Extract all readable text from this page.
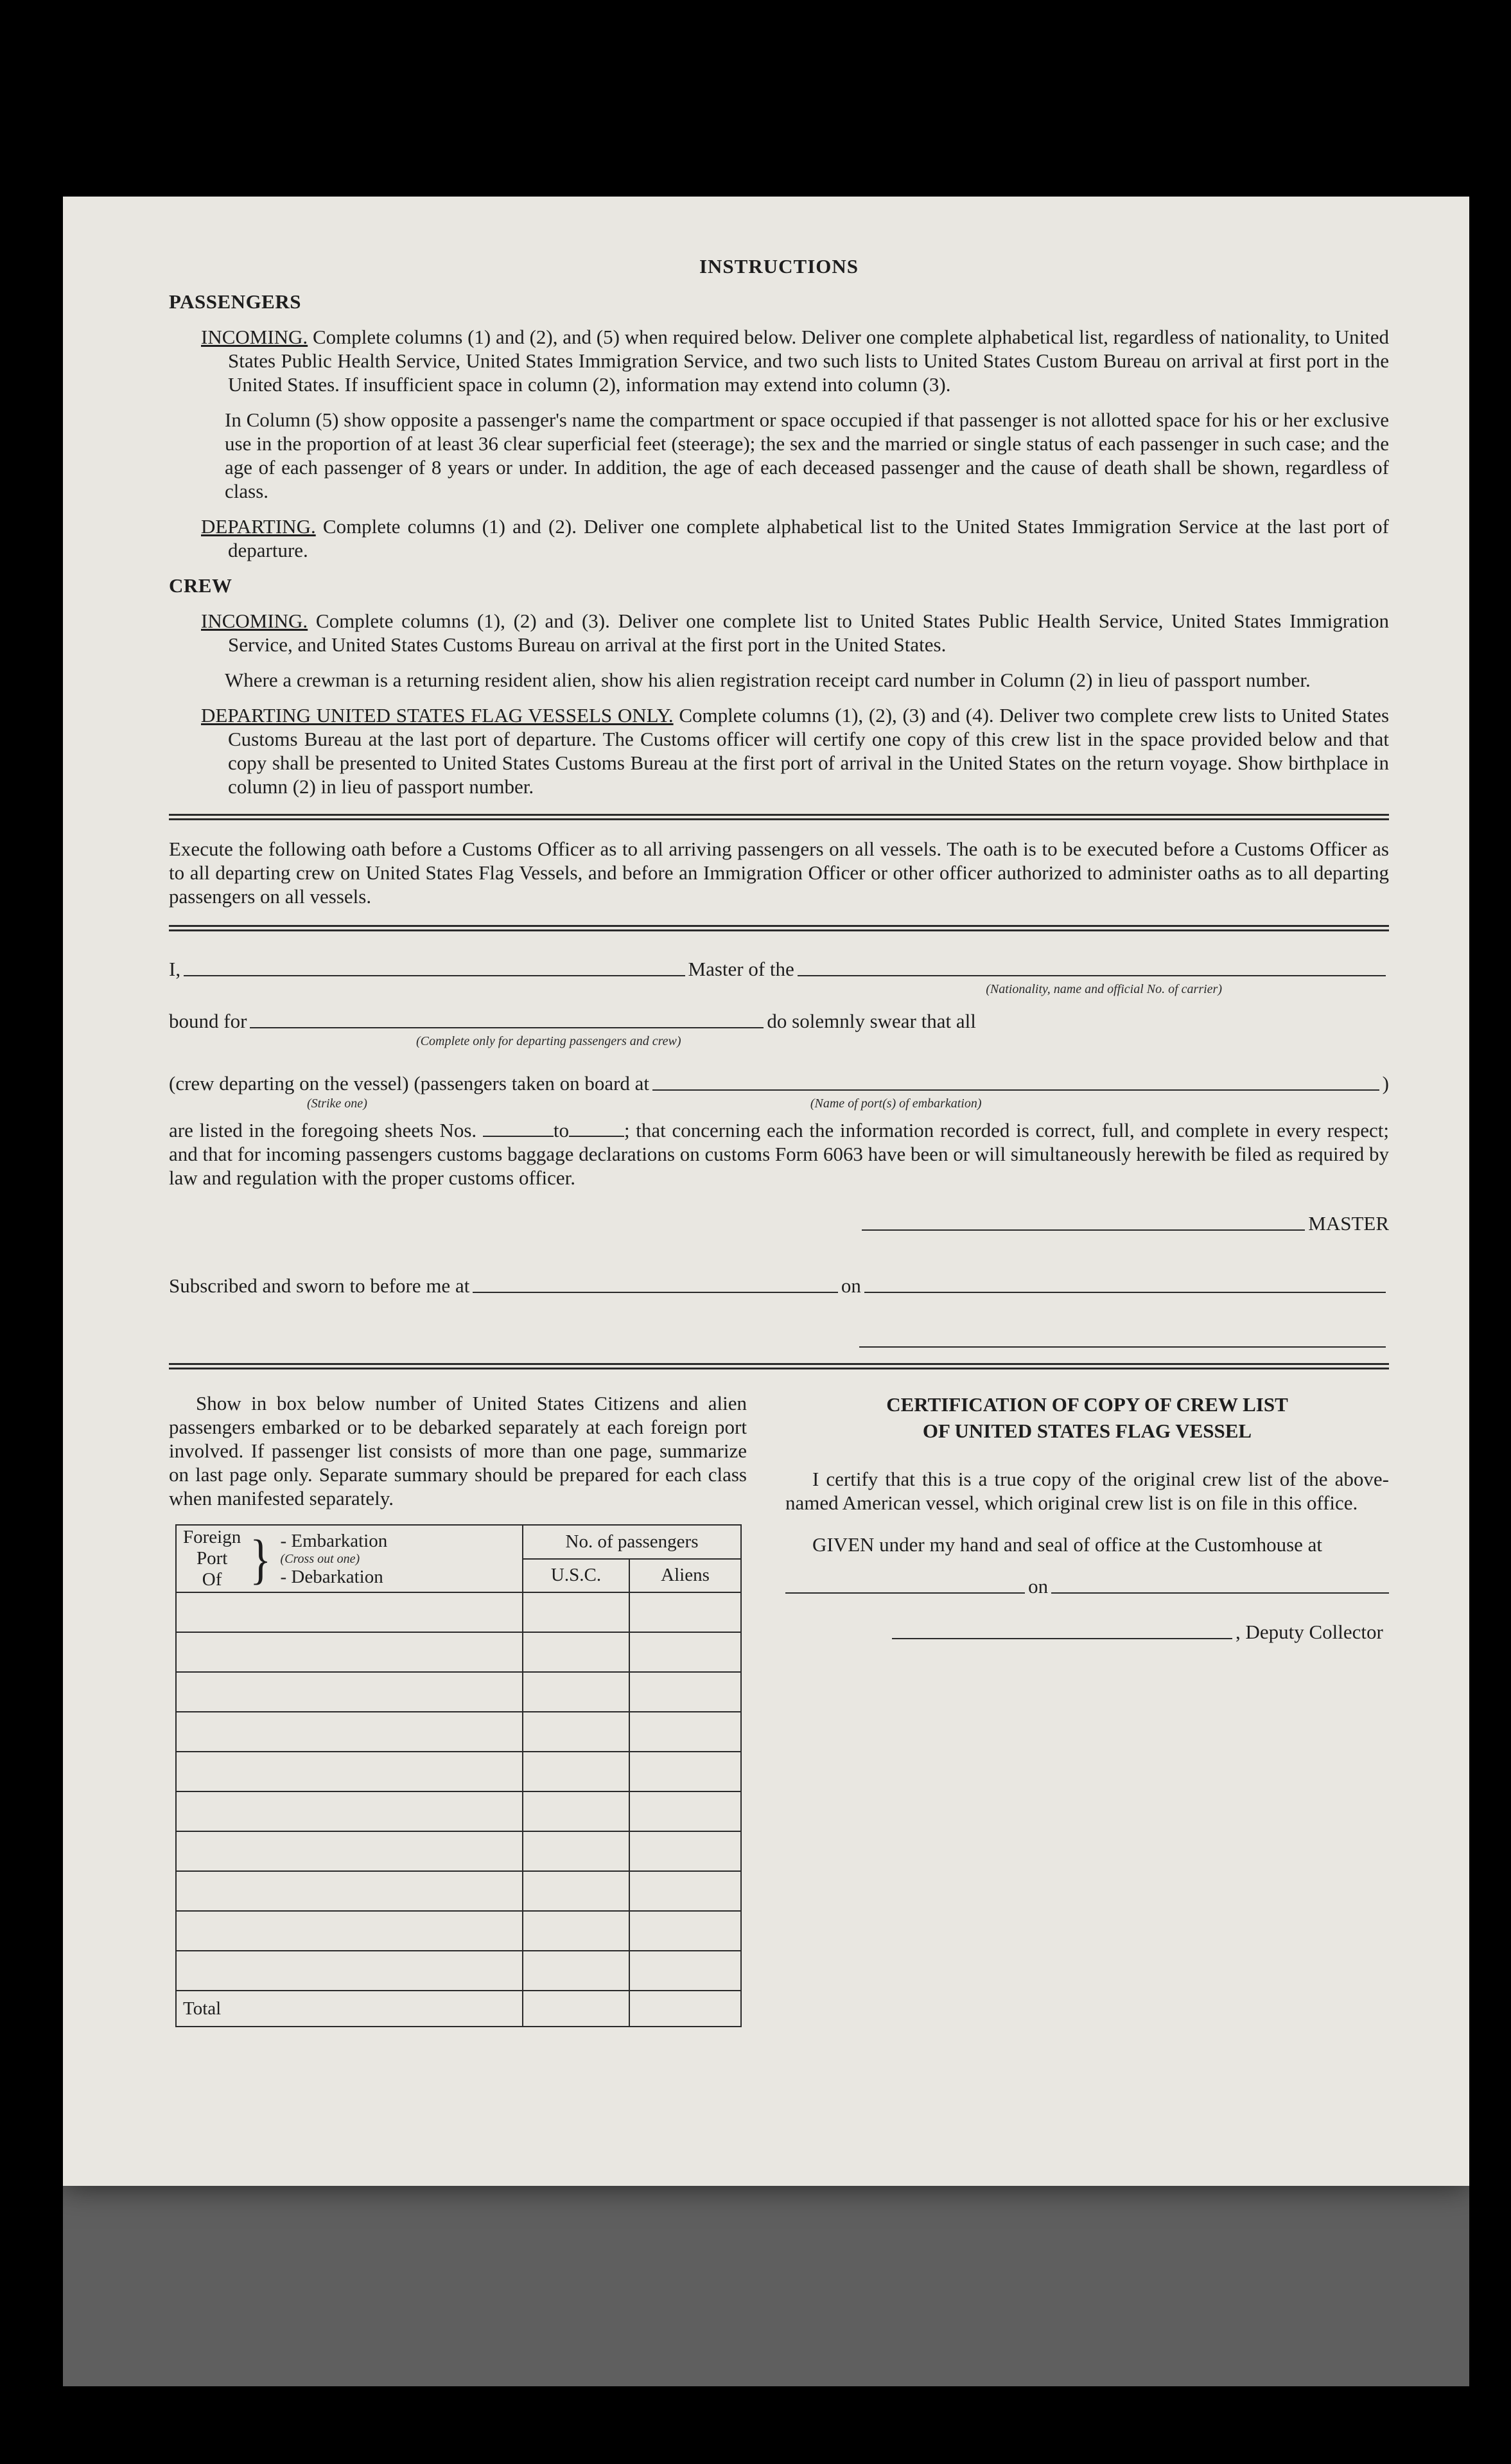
INSTRUCTIONS
PASSENGERS

INCOMING. Complete columns (1) and (2), and (5) when required below. Deliver one complete alphabetical list, regardless of nationality, to United States Public Health Service, United States Immigration Service, and two such lists to United States Custom Bureau on arrival at first port in the United States. If insufficient space in column (2), information may extend into column (3).

In Column (5) show opposite a passenger's name the compartment or space occupied if that passenger is not allotted space for his or her exclusive use in the proportion of at least 36 clear superficial feet (steerage); the sex and the married or single status of each passenger in such case; and the age of each passenger of 8 years or under. In addition, the age of each deceased passenger and the cause of death shall be shown, regardless of class.

DEPARTING. Complete columns (1) and (2). Deliver one complete alphabetical list to the United States Immigration Service at the last port of departure.

CREW

INCOMING. Complete columns (1), (2) and (3). Deliver one complete list to United States Public Health Service, United States Immigration Service, and United States Customs Bureau on arrival at the first port in the United States.

Where a crewman is a returning resident alien, show his alien registration receipt card number in Column (2) in lieu of passport number.

DEPARTING UNITED STATES FLAG VESSELS ONLY. Complete columns (1), (2), (3) and (4). Deliver two complete crew lists to United States Customs Bureau at the last port of departure. The Customs officer will certify one copy of this crew list in the space provided below and that copy shall be presented to United States Customs Bureau at the first port of arrival in the United States on the return voyage. Show birthplace in column (2) in lieu of passport number.

Execute the following oath before a Customs Officer as to all arriving passengers on all vessels. The oath is to be executed before a Customs Officer as to all departing crew on United States Flag Vessels, and before an Immigration Officer or other officer authorized to administer oaths as to all departing passengers on all vessels.

I,	Master of the
(Nationality, name and official No. of carrier)
bound for	do solemnly swear that all
(Complete only for departing passengers and crew)
(crew departing on the vessel) (passengers taken on board at	)
(Strike one)	(Name of port(s) of embarkation)

are listed in the foregoing sheets Nos.	to	; that concerning each the information recorded is correct, full, and complete in every respect; and that for incoming passengers customs baggage declarations on customs Form 6063 have been or will simultaneously herewith be filed as required by law and regulation with the proper customs officer.

MASTER
Subscribed and sworn to before me at	on

Show in box below number of United States Citizens and alien passengers embarked or to be debarked separately at each foreign port involved. If passenger list consists of more than one page, summarize on last page only. Separate summary should be prepared for each class when manifested separately.

Foreign
Port
Of } - Embarkation
(Cross out one)
- Debarkation
	No. of passengers
	U.S.C.	Aliens

Total		
CERTIFICATION OF COPY OF CREW LIST
OF UNITED STATES FLAG VESSEL

I certify that this is a true copy of the original crew list of the above-named American vessel, which original crew list is on file in this office.

GIVEN under my hand and seal of office at the Customhouse at

on
, Deputy Collector
